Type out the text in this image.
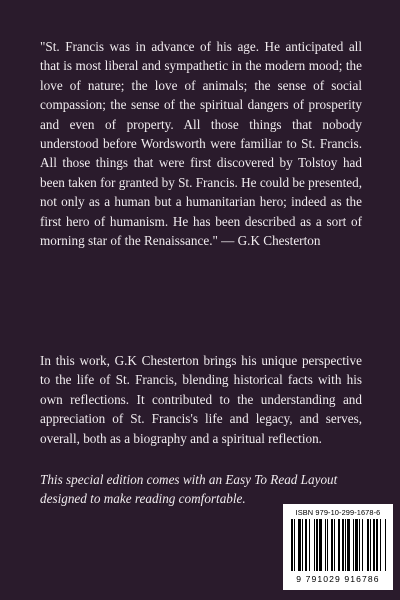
"St. Francis was in advance of his age. He anticipated all that is most liberal and sympathetic in the modern mood; the love of nature; the love of animals; the sense of social compassion; the sense of the spiritual dangers of prosperity and even of property. All those things that nobody understood before Wordsworth were familiar to St. Francis. All those things that were first discovered by Tolstoy had been taken for granted by St. Francis. He could be presented, not only as a human but a humanitarian hero; indeed as the first hero of humanism. He has been described as a sort of morning star of the Renaissance." — G.K Chesterton

In this work, G.K Chesterton brings his unique perspective to the life of St. Francis, blending historical facts with his own reflections. It contributed to the understanding and appreciation of St. Francis's life and legacy, and serves, overall, both as a biography and a spiritual reflection.

This special edition comes with an Easy To Read Layout designed to make reading comfortable.

ISBN 979-10-299-1678-6
9 791029 916786
